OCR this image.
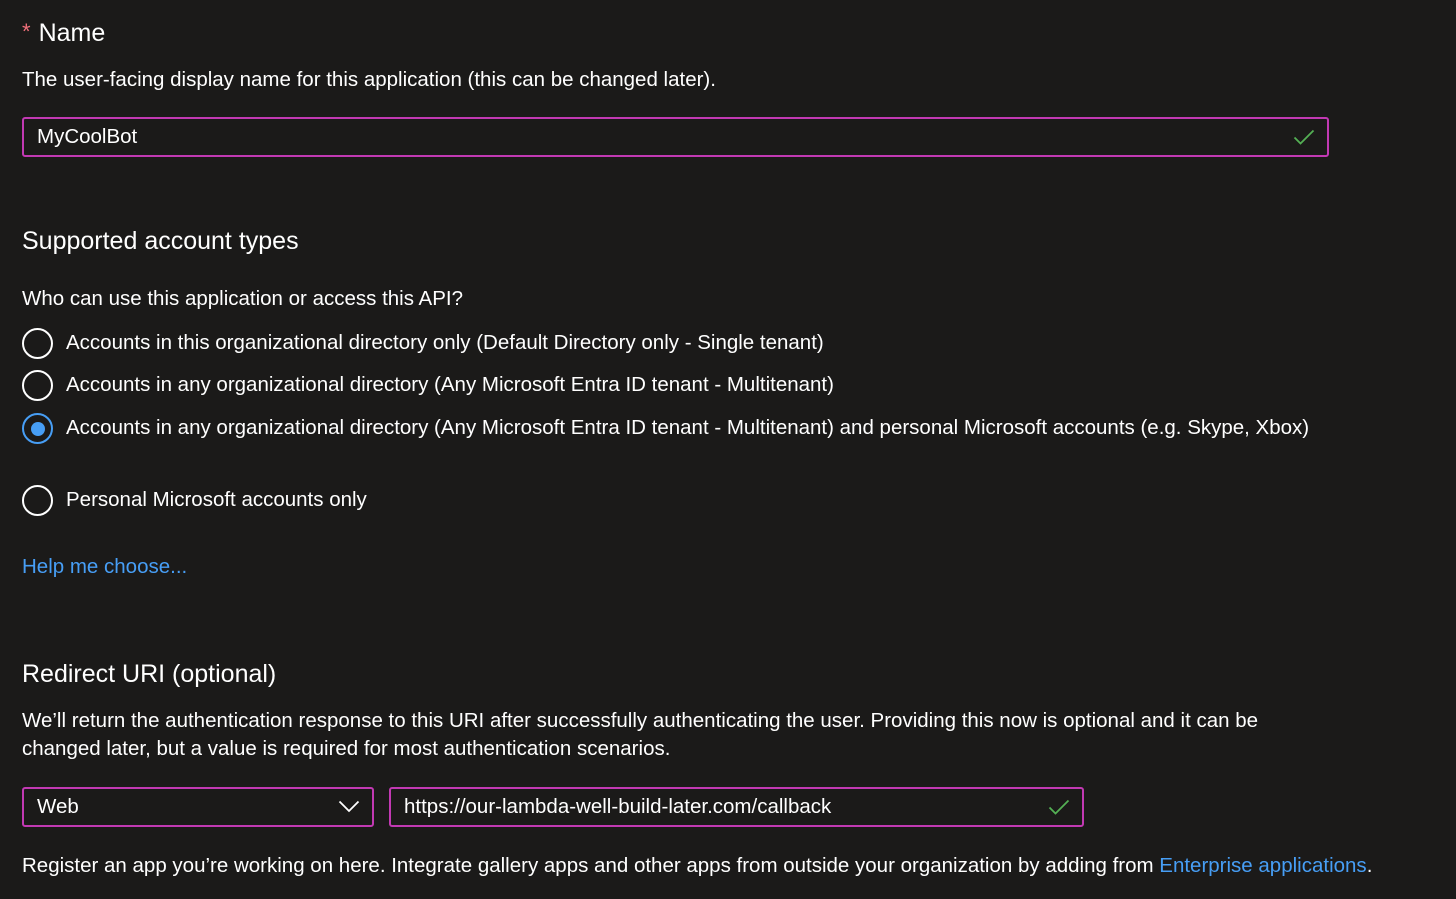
* Name
The user-facing display name for this application (this can be changed later).
MyCoolBot
Supported account types
Who can use this application or access this API?
Accounts in this organizational directory only (Default Directory only - Single tenant)
Accounts in any organizational directory (Any Microsoft Entra ID tenant - Multitenant)
Accounts in any organizational directory (Any Microsoft Entra ID tenant - Multitenant) and personal Microsoft accounts (e.g. Skype, Xbox)
Personal Microsoft accounts only
Help me choose...
Redirect URI (optional)
We’ll return the authentication response to this URI after successfully authenticating the user. Providing this now is optional and it can be
changed later, but a value is required for most authentication scenarios.
Web	https://our-lambda-well-build-later.com/callback
Register an app you’re working on here. Integrate gallery apps and other apps from outside your organization by adding from Enterprise applications.
